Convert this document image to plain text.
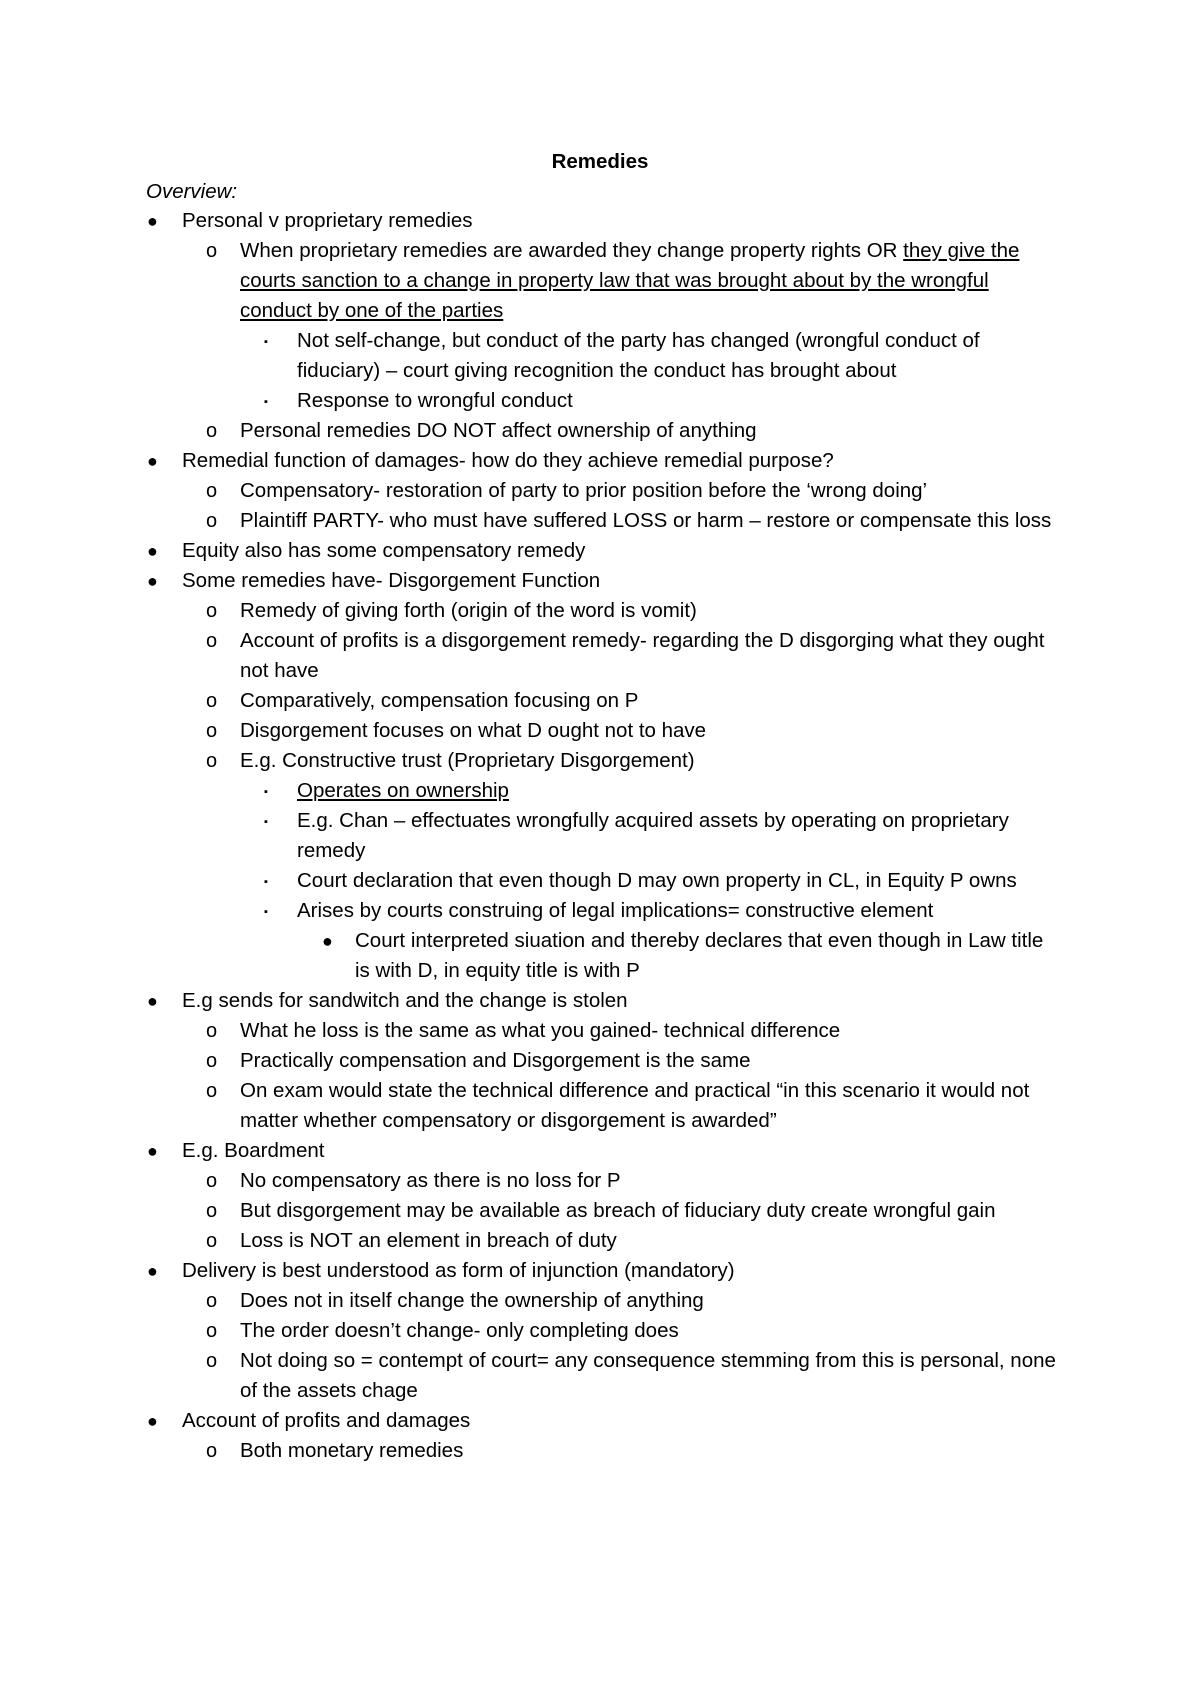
Remedies
Overview:
● Personal v proprietary remedies
o When proprietary remedies are awarded they change property rights OR they give the courts sanction to a change in property law that was brought about by the wrongful conduct by one of the parties
▪ Not self-change, but conduct of the party has changed (wrongful conduct of fiduciary) – court giving recognition the conduct has brought about
▪ Response to wrongful conduct
o Personal remedies DO NOT affect ownership of anything
● Remedial function of damages- how do they achieve remedial purpose?
o Compensatory- restoration of party to prior position before the ‘wrong doing’
o Plaintiff PARTY- who must have suffered LOSS or harm – restore or compensate this loss
● Equity also has some compensatory remedy
● Some remedies have- Disgorgement Function
o Remedy of giving forth (origin of the word is vomit)
o Account of profits is a disgorgement remedy- regarding the D disgorging what they ought not have
o Comparatively, compensation focusing on P
o Disgorgement focuses on what D ought not to have
o E.g. Constructive trust (Proprietary Disgorgement)
▪ Operates on ownership
▪ E.g. Chan – effectuates wrongfully acquired assets by operating on proprietary remedy
▪ Court declaration that even though D may own property in CL, in Equity P owns
▪ Arises by courts construing of legal implications= constructive element
● Court interpreted siuation and thereby declares that even though in Law title is with D, in equity title is with P
● E.g sends for sandwitch and the change is stolen
o What he loss is the same as what you gained- technical difference
o Practically compensation and Disgorgement is the same
o On exam would state the technical difference and practical “in this scenario it would not matter whether compensatory or disgorgement is awarded”
● E.g. Boardment
o No compensatory as there is no loss for P
o But disgorgement may be available as breach of fiduciary duty create wrongful gain
o Loss is NOT an element in breach of duty
● Delivery is best understood as form of injunction (mandatory)
o Does not in itself change the ownership of anything
o The order doesn’t change- only completing does
o Not doing so = contempt of court= any consequence stemming from this is personal, none of the assets chage
● Account of profits and damages
o Both monetary remedies
